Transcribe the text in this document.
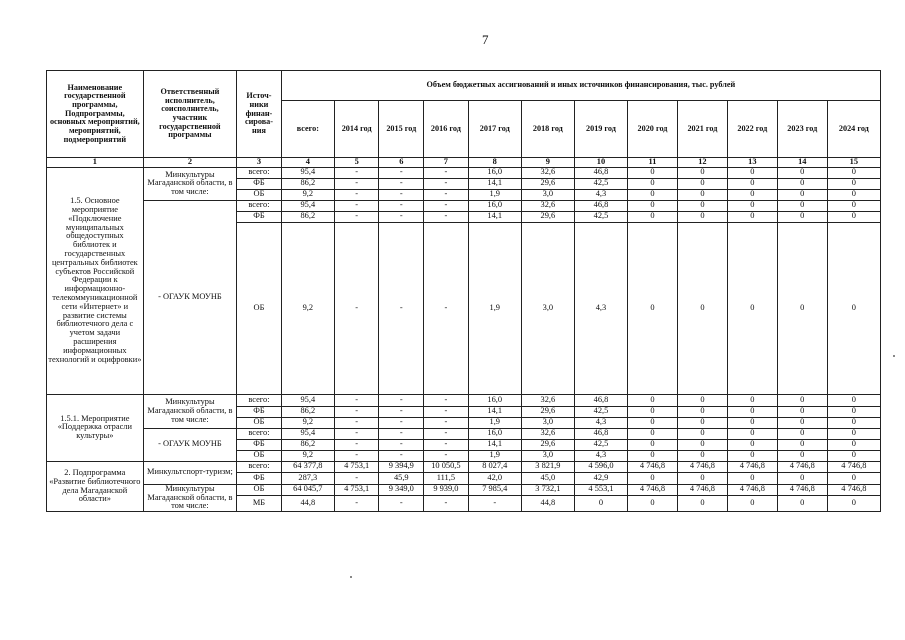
7
Наименование государственной программы, Подпрограммы, основных мероприятий, мероприятий, подмероприятий	Ответственный исполнитель, соисполнитель, участник государственной программы	Источ-ники финан-сирова-ния	Объем бюджетных ассигнований и иных источников финансирования, тыс. рублей											
			всего:	2014 год	2015 год	2016 год	2017 год	2018 год	2019 год	2020 год	2021 год	2022 год	2023 год	2024 год
1	2	3	4	5	6	7	8	9	10	11	12	13	14	15
1.5. Основное мероприятие «Подключение муниципальных общедоступных библиотек и государственных центральных библиотек субъектов Российской Федерации к информационно-телекоммуникационной сети «Интернет» и развитие системы библиотечного дела с учетом задачи расширения информационных технологий и оцифровки»	Минкультуры Магаданской области, в том числе:	всего:	95,4	-	-	-	16,0	32,6	46,8	0	0	0	0	0
		ФБ	86,2	-	-	-	14,1	29,6	42,5	0	0	0	0	0
		ОБ	9,2	-	-	-	1,9	3,0	4,3	0	0	0	0	0
	- ОГАУК МОУНБ	всего:	95,4	-	-	-	16,0	32,6	46,8	0	0	0	0	0
		ФБ	86,2	-	-	-	14,1	29,6	42,5	0	0	0	0	0
		ОБ	9,2	-	-	-	1,9	3,0	4,3	0	0	0	0	0
1.5.1. Мероприятие «Поддержка отрасли культуры»	Минкультуры Магаданской области, в том числе:	всего:	95,4	-	-	-	16,0	32,6	46,8	0	0	0	0	0
		ФБ	86,2	-	-	-	14,1	29,6	42,5	0	0	0	0	0
		ОБ	9,2	-	-	-	1,9	3,0	4,3	0	0	0	0	0
	- ОГАУК МОУНБ	всего:	95,4	-	-	-	16,0	32,6	46,8	0	0	0	0	0
		ФБ	86,2	-	-	-	14,1	29,6	42,5	0	0	0	0	0
		ОБ	9,2	-	-	-	1,9	3,0	4,3	0	0	0	0	0
2. Подпрограмма «Развитие библиотечного дела Магаданской области»	Минкультспорт-туризм;	всего:	64 377,8	4 753,1	9 394,9	10 050,5	8 027,4	3 821,9	4 596,0	4 746,8	4 746,8	4 746,8	4 746,8	4 746,8
		ФБ	287,3	-	45,9	111,5	42,0	45,0	42,9	0	0	0	0	0
	Минкультуры Магаданской области, в том числе:	ОБ	64 045,7	4 753,1	9 349,0	9 939,0	7 985,4	3 732,1	4 553,1	4 746,8	4 746,8	4 746,8	4 746,8	4 746,8
		МБ	44,8	-	-	-	-	44,8	0	0	0	0	0	0
